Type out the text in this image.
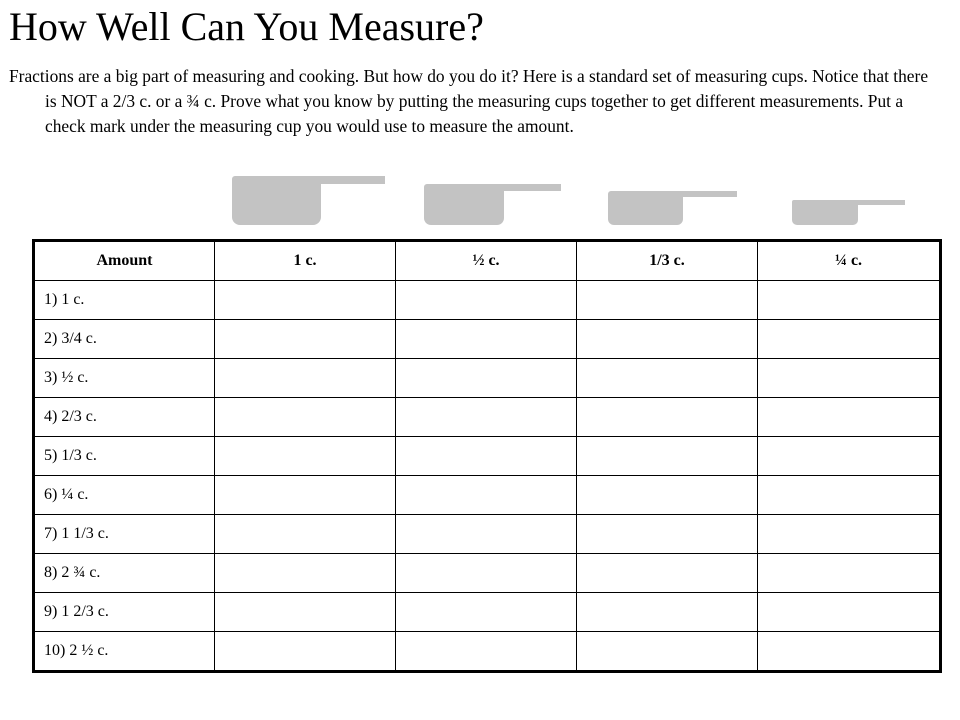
How Well Can You Measure?
Fractions are a big part of measuring and cooking. But how do you do it? Here is a standard set of measuring cups. Notice that there is NOT a 2/3 c. or a ¾ c. Prove what you know by putting the measuring cups together to get different measurements. Put a check mark under the measuring cup you would use to measure the amount.
Amount	1 c.	½ c.	1/3 c.	¼ c.
1) 1 c.				
2) 3/4 c.				
3) ½ c.				
4) 2/3 c.				
5) 1/3 c.				
6) ¼ c.				
7) 1 1/3 c.				
8) 2 ¾ c.				
9) 1 2/3 c.				
10) 2 ½ c.				
